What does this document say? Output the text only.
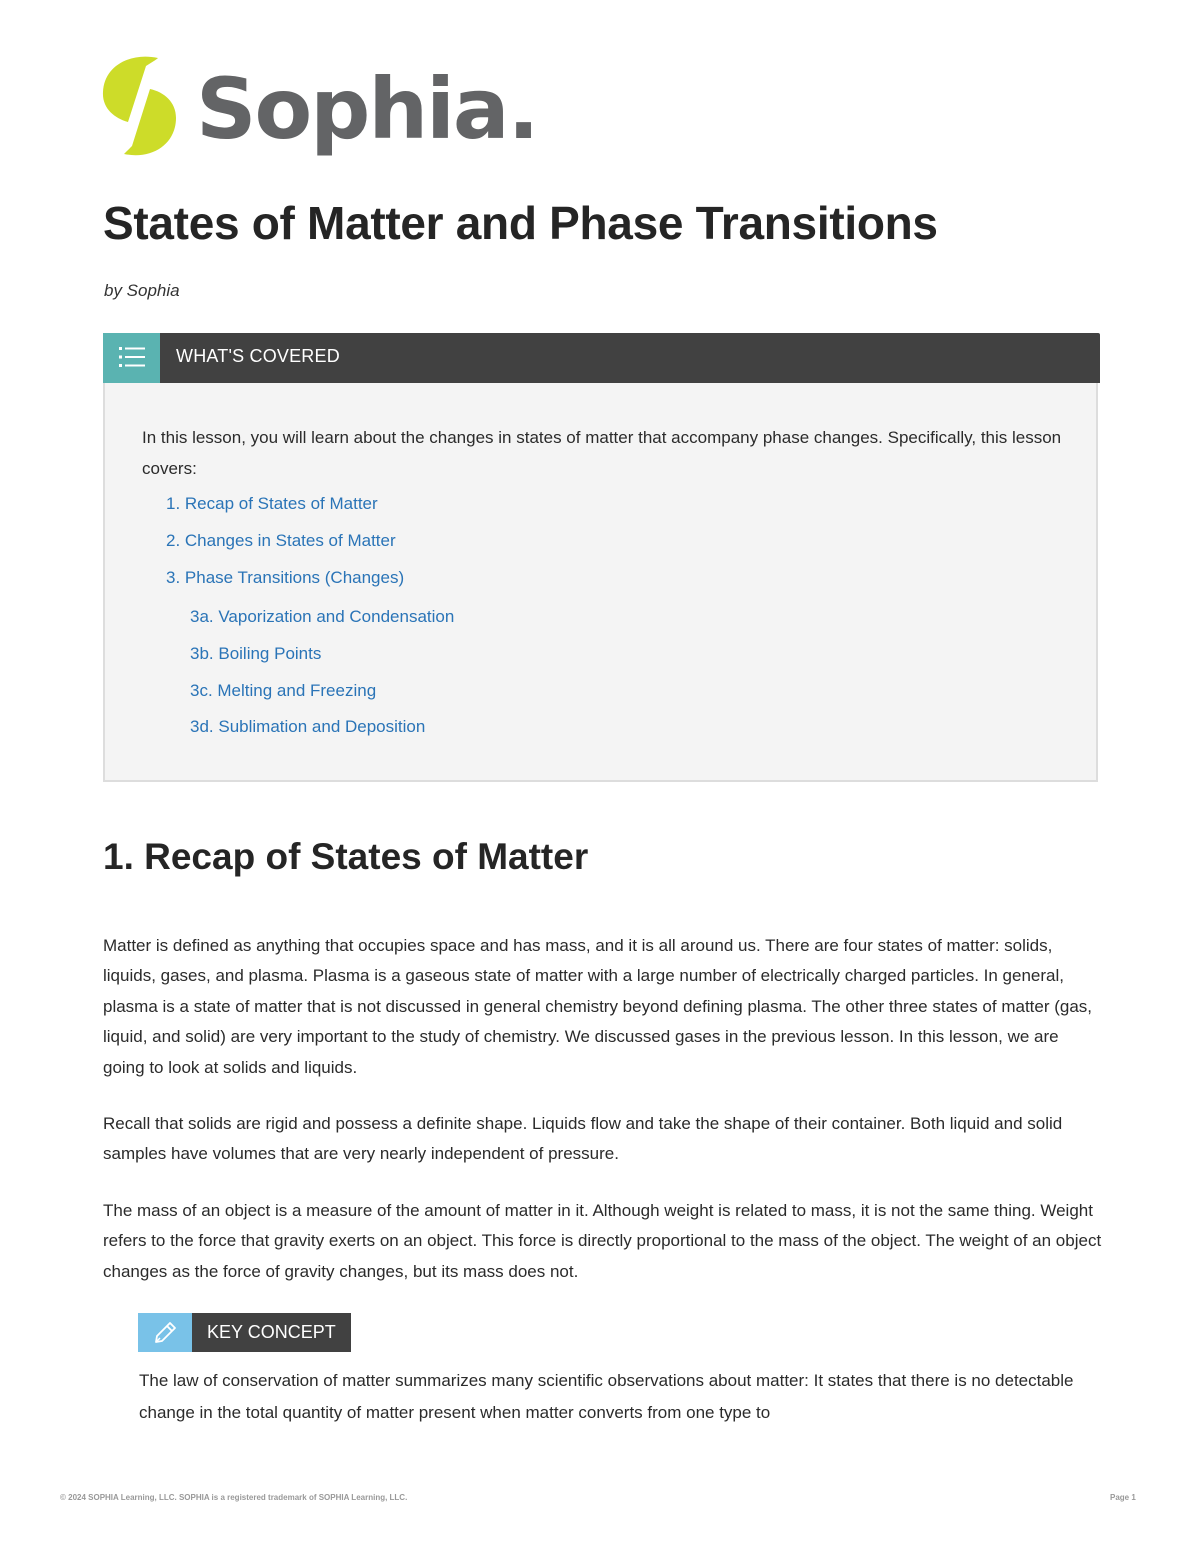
Sophia.
States of Matter and Phase Transitions
by Sophia
WHAT'S COVERED

In this lesson, you will learn about the changes in states of matter that accompany phase changes. Specifically, this lesson covers:

1. Recap of States of Matter
2. Changes in States of Matter
3. Phase Transitions (Changes)
3a. Vaporization and Condensation
3b. Boiling Points
3c. Melting and Freezing
3d. Sublimation and Deposition
1. Recap of States of Matter

Matter is defined as anything that occupies space and has mass, and it is all around us. There are four states of matter: solids, liquids, gases, and plasma. Plasma is a gaseous state of matter with a large number of electrically charged particles. In general, plasma is a state of matter that is not discussed in general chemistry beyond defining plasma. The other three states of matter (gas, liquid, and solid) are very important to the study of chemistry. We discussed gases in the previous lesson. In this lesson, we are going to look at solids and liquids.

Recall that solids are rigid and possess a definite shape. Liquids flow and take the shape of their container. Both liquid and solid samples have volumes that are very nearly independent of pressure.

The mass of an object is a measure of the amount of matter in it. Although weight is related to mass, it is not the same thing. Weight refers to the force that gravity exerts on an object. This force is directly proportional to the mass of the object. The weight of an object changes as the force of gravity changes, but its mass does not.

KEY CONCEPT

The law of conservation of matter summarizes many scientific observations about matter: It states that there is no detectable change in the total quantity of matter present when matter converts from one type to

© 2024 SOPHIA Learning, LLC. SOPHIA is a registered trademark of SOPHIA Learning, LLC.	Page 1
